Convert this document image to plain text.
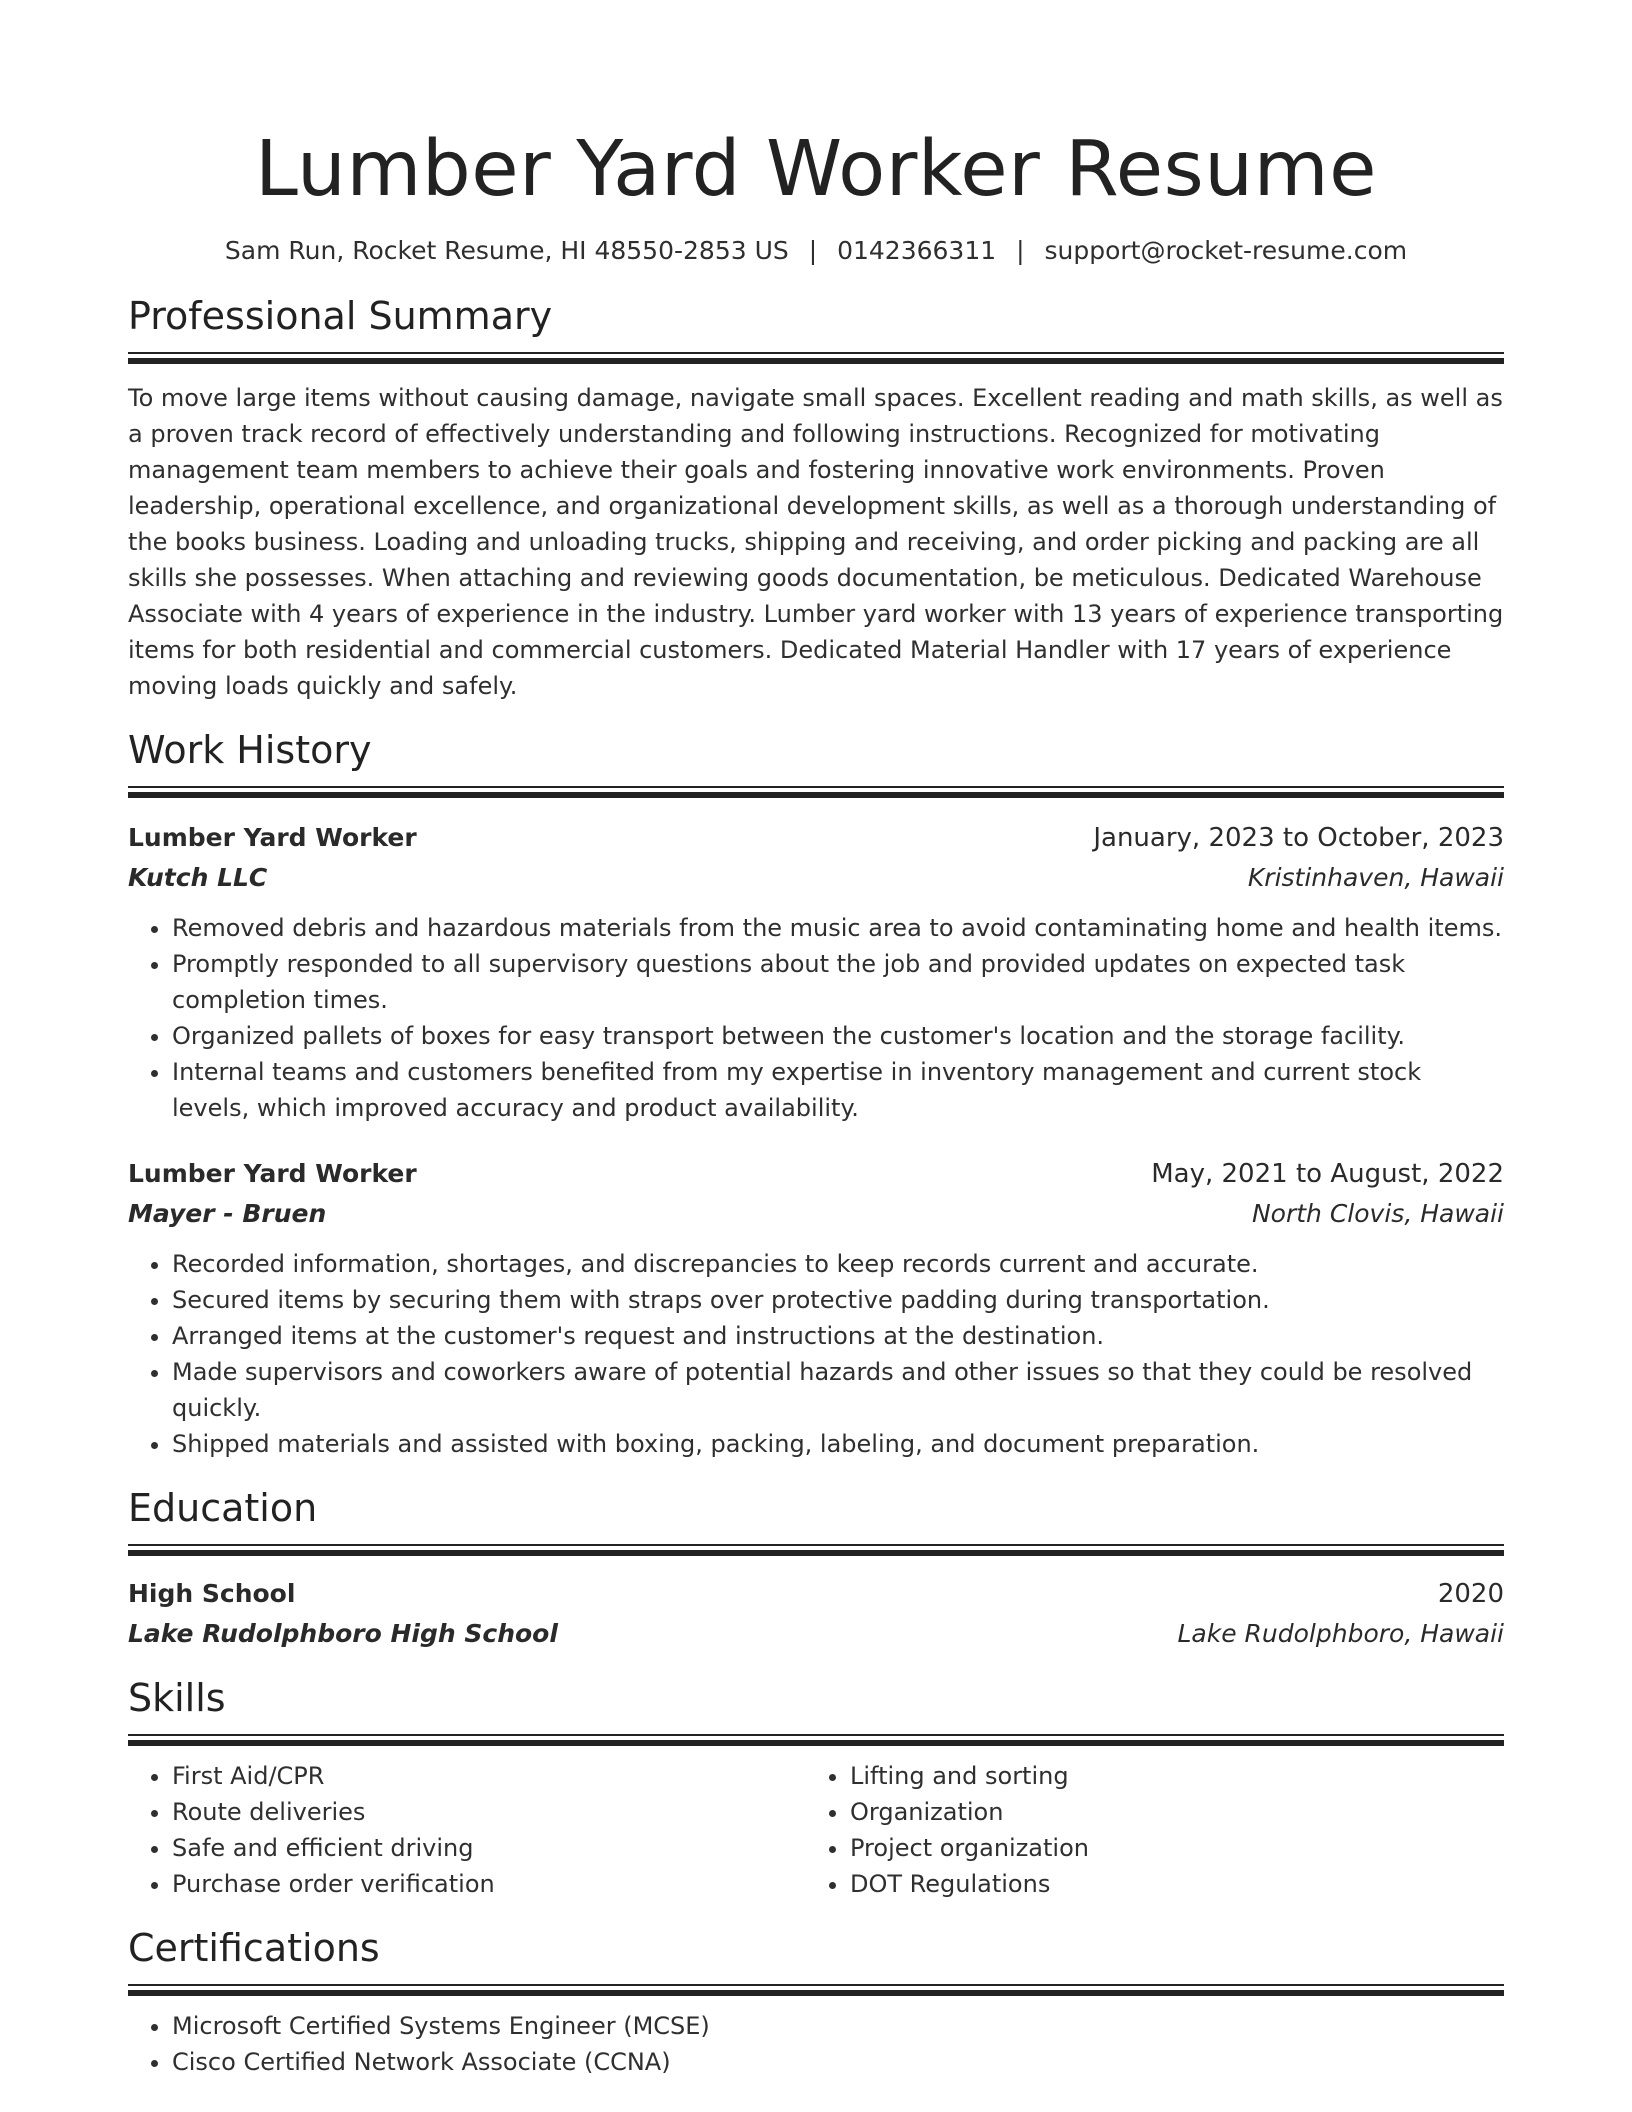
Lumber Yard Worker Resume
Sam Run, Rocket Resume, HI 48550-2853 US | 0142366311 | support@rocket-resume.com
Professional Summary

To move large items without causing damage, navigate small spaces. Excellent reading and math skills, as well as a proven track record of effectively understanding and following instructions. Recognized for motivating management team members to achieve their goals and fostering innovative work environments. Proven leadership, operational excellence, and organizational development skills, as well as a thorough understanding of the books business. Loading and unloading trucks, shipping and receiving, and order picking and packing are all skills she possesses. When attaching and reviewing goods documentation, be meticulous. Dedicated Warehouse Associate with 4 years of experience in the industry. Lumber yard worker with 13 years of experience transporting items for both residential and commercial customers. Dedicated Material Handler with 17 years of experience moving loads quickly and safely.

Work History
Lumber Yard Worker	January, 2023 to October, 2023
Kutch LLC	Kristinhaven, Hawaii
• Removed debris and hazardous materials from the music area to avoid contaminating home and health items.
• Promptly responded to all supervisory questions about the job and provided updates on expected task completion times.
• Organized pallets of boxes for easy transport between the customer's location and the storage facility.
• Internal teams and customers benefited from my expertise in inventory management and current stock levels, which improved accuracy and product availability.
Lumber Yard Worker	May, 2021 to August, 2022
Mayer - Bruen	North Clovis, Hawaii
• Recorded information, shortages, and discrepancies to keep records current and accurate.
• Secured items by securing them with straps over protective padding during transportation.
• Arranged items at the customer's request and instructions at the destination.
• Made supervisors and coworkers aware of potential hazards and other issues so that they could be resolved quickly.
• Shipped materials and assisted with boxing, packing, labeling, and document preparation.
Education
High School	2020
Lake Rudolphboro High School	Lake Rudolphboro, Hawaii
Skills
• First Aid/CPR
• Route deliveries
• Safe and efficient driving
• Purchase order verification
• Lifting and sorting
• Organization
• Project organization
• DOT Regulations
Certifications
• Microsoft Certified Systems Engineer (MCSE)
• Cisco Certified Network Associate (CCNA)
